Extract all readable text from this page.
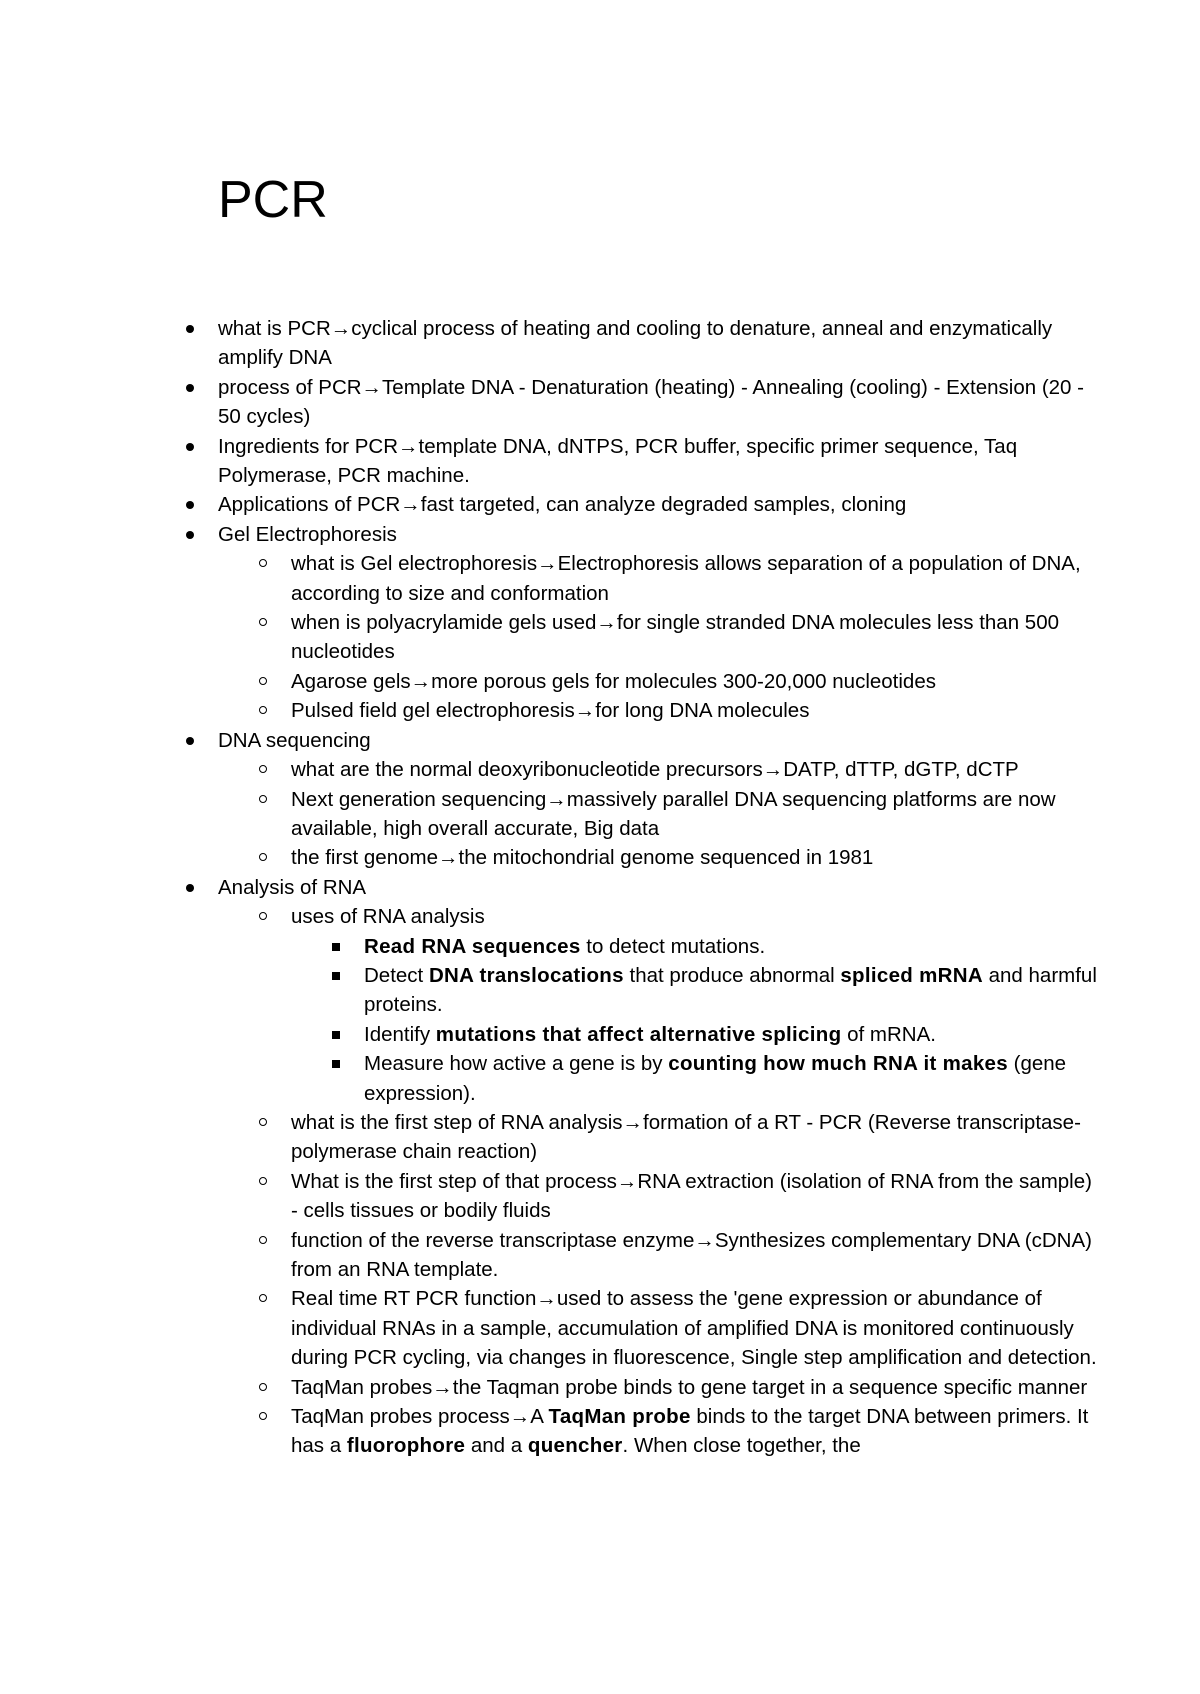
PCR
what is PCR→cyclical process of heating and cooling to denature, anneal and enzymatically amplify DNA
process of PCR→Template DNA - Denaturation (heating) - Annealing (cooling) - Extension (20 - 50 cycles)
Ingredients for PCR→template DNA, dNTPS, PCR buffer, specific primer sequence, Taq Polymerase, PCR machine.
Applications of PCR→fast targeted, can analyze degraded samples, cloning
Gel Electrophoresis
what is Gel electrophoresis→Electrophoresis allows separation of a population of DNA, according to size and conformation
when is polyacrylamide gels used→for single stranded DNA molecules less than 500 nucleotides
Agarose gels→more porous gels for molecules 300-20,000 nucleotides
Pulsed field gel electrophoresis→for long DNA molecules
DNA sequencing
what are the normal deoxyribonucleotide precursors→DATP, dTTP, dGTP, dCTP
Next generation sequencing→massively parallel DNA sequencing platforms are now available, high overall accurate, Big data
the first genome→the mitochondrial genome sequenced in 1981
Analysis of RNA
uses of RNA analysis
Read RNA sequences to detect mutations.
Detect DNA translocations that produce abnormal spliced mRNA and harmful proteins.
Identify mutations that affect alternative splicing of mRNA.
Measure how active a gene is by counting how much RNA it makes (gene expression).
what is the first step of RNA analysis→formation of a RT - PCR (Reverse transcriptase-polymerase chain reaction)
What is the first step of that process→RNA extraction (isolation of RNA from the sample) - cells tissues or bodily fluids
function of the reverse transcriptase enzyme→Synthesizes complementary DNA (cDNA) from an RNA template.
Real time RT PCR function→used to assess the 'gene expression or abundance of individual RNAs in a sample, accumulation of amplified DNA is monitored continuously during PCR cycling, via changes in fluorescence, Single step amplification and detection.
TaqMan probes→the Taqman probe binds to gene target in a sequence specific manner
TaqMan probes process→A TaqMan probe binds to the target DNA between primers. It has a fluorophore and a quencher. When close together, the
